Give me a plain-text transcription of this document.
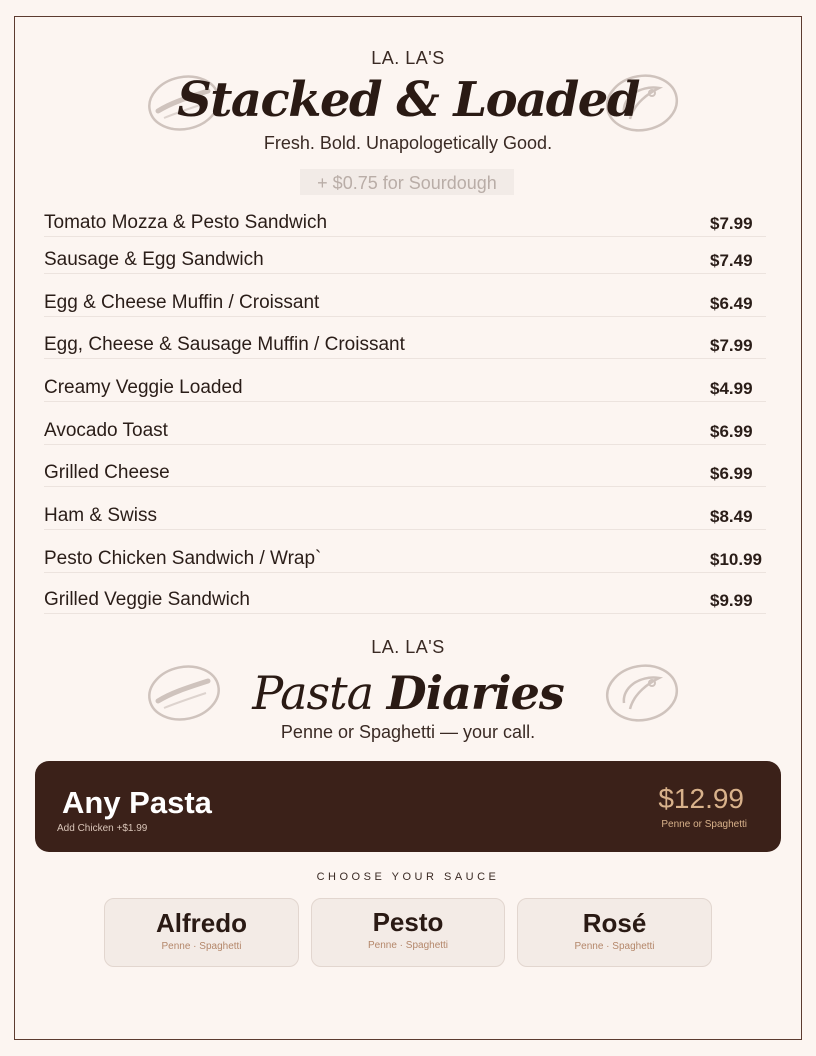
LA. LA'S
Stacked & Loaded
Fresh. Bold. Unapologetically Good.
+ $0.75 for Sourdough
Tomato Mozza & Pesto Sandwich	$7.99
Sausage & Egg Sandwich	$7.49
Egg & Cheese Muffin / Croissant	$6.49
Egg, Cheese & Sausage Muffin / Croissant	$7.99
Creamy Veggie Loaded	$4.99
Avocado Toast	$6.99
Grilled Cheese	$6.99
Ham & Swiss	$8.49
Pesto Chicken Sandwich / Wrap`	$10.99
Grilled Veggie Sandwich	$9.99
LA. LA'S
Pasta Diaries
Penne or Spaghetti — your call.
Any Pasta
Add Chicken +$1.99
$12.99
Penne or Spaghetti
CHOOSE YOUR SAUCE
Alfredo
Penne · Spaghetti
Pesto
Penne · Spaghetti
Rosé
Penne · Spaghetti
